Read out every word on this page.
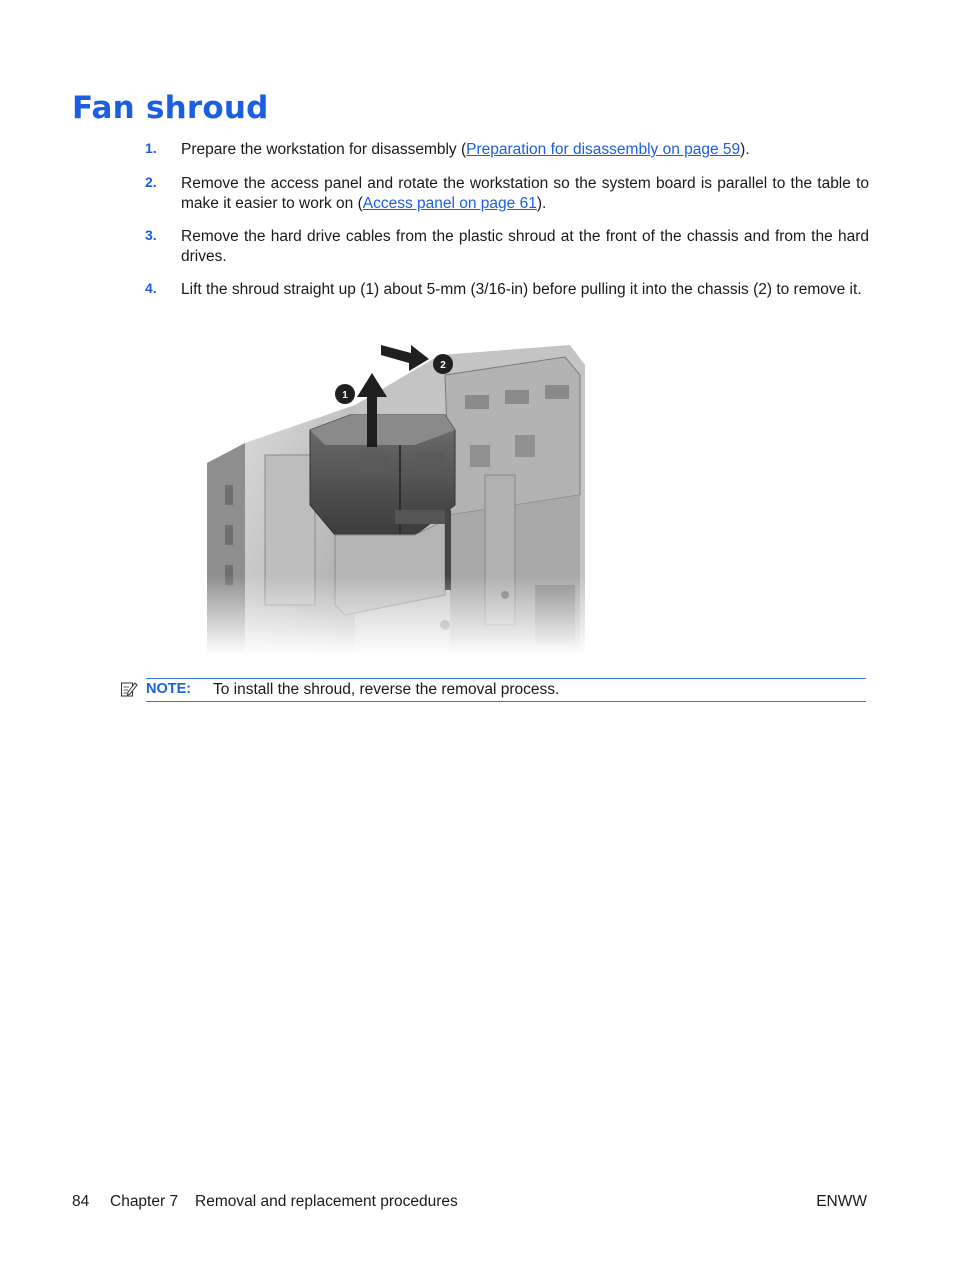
Fan shroud
1.	Prepare the workstation for disassembly (Preparation for disassembly on page 59).
2.	Remove the access panel and rotate the workstation so the system board is parallel to the table to make it easier to work on (Access panel on page 61).
3.	Remove the hard drive cables from the plastic shroud at the front of the chassis and from the hard drives.
4.	Lift the shroud straight up (1) about 5-mm (3/16-in) before pulling it into the chassis (2) to remove it.
1
2
NOTE: To install the shroud, reverse the removal process.
84 Chapter 7 Removal and replacement procedures	ENWW
